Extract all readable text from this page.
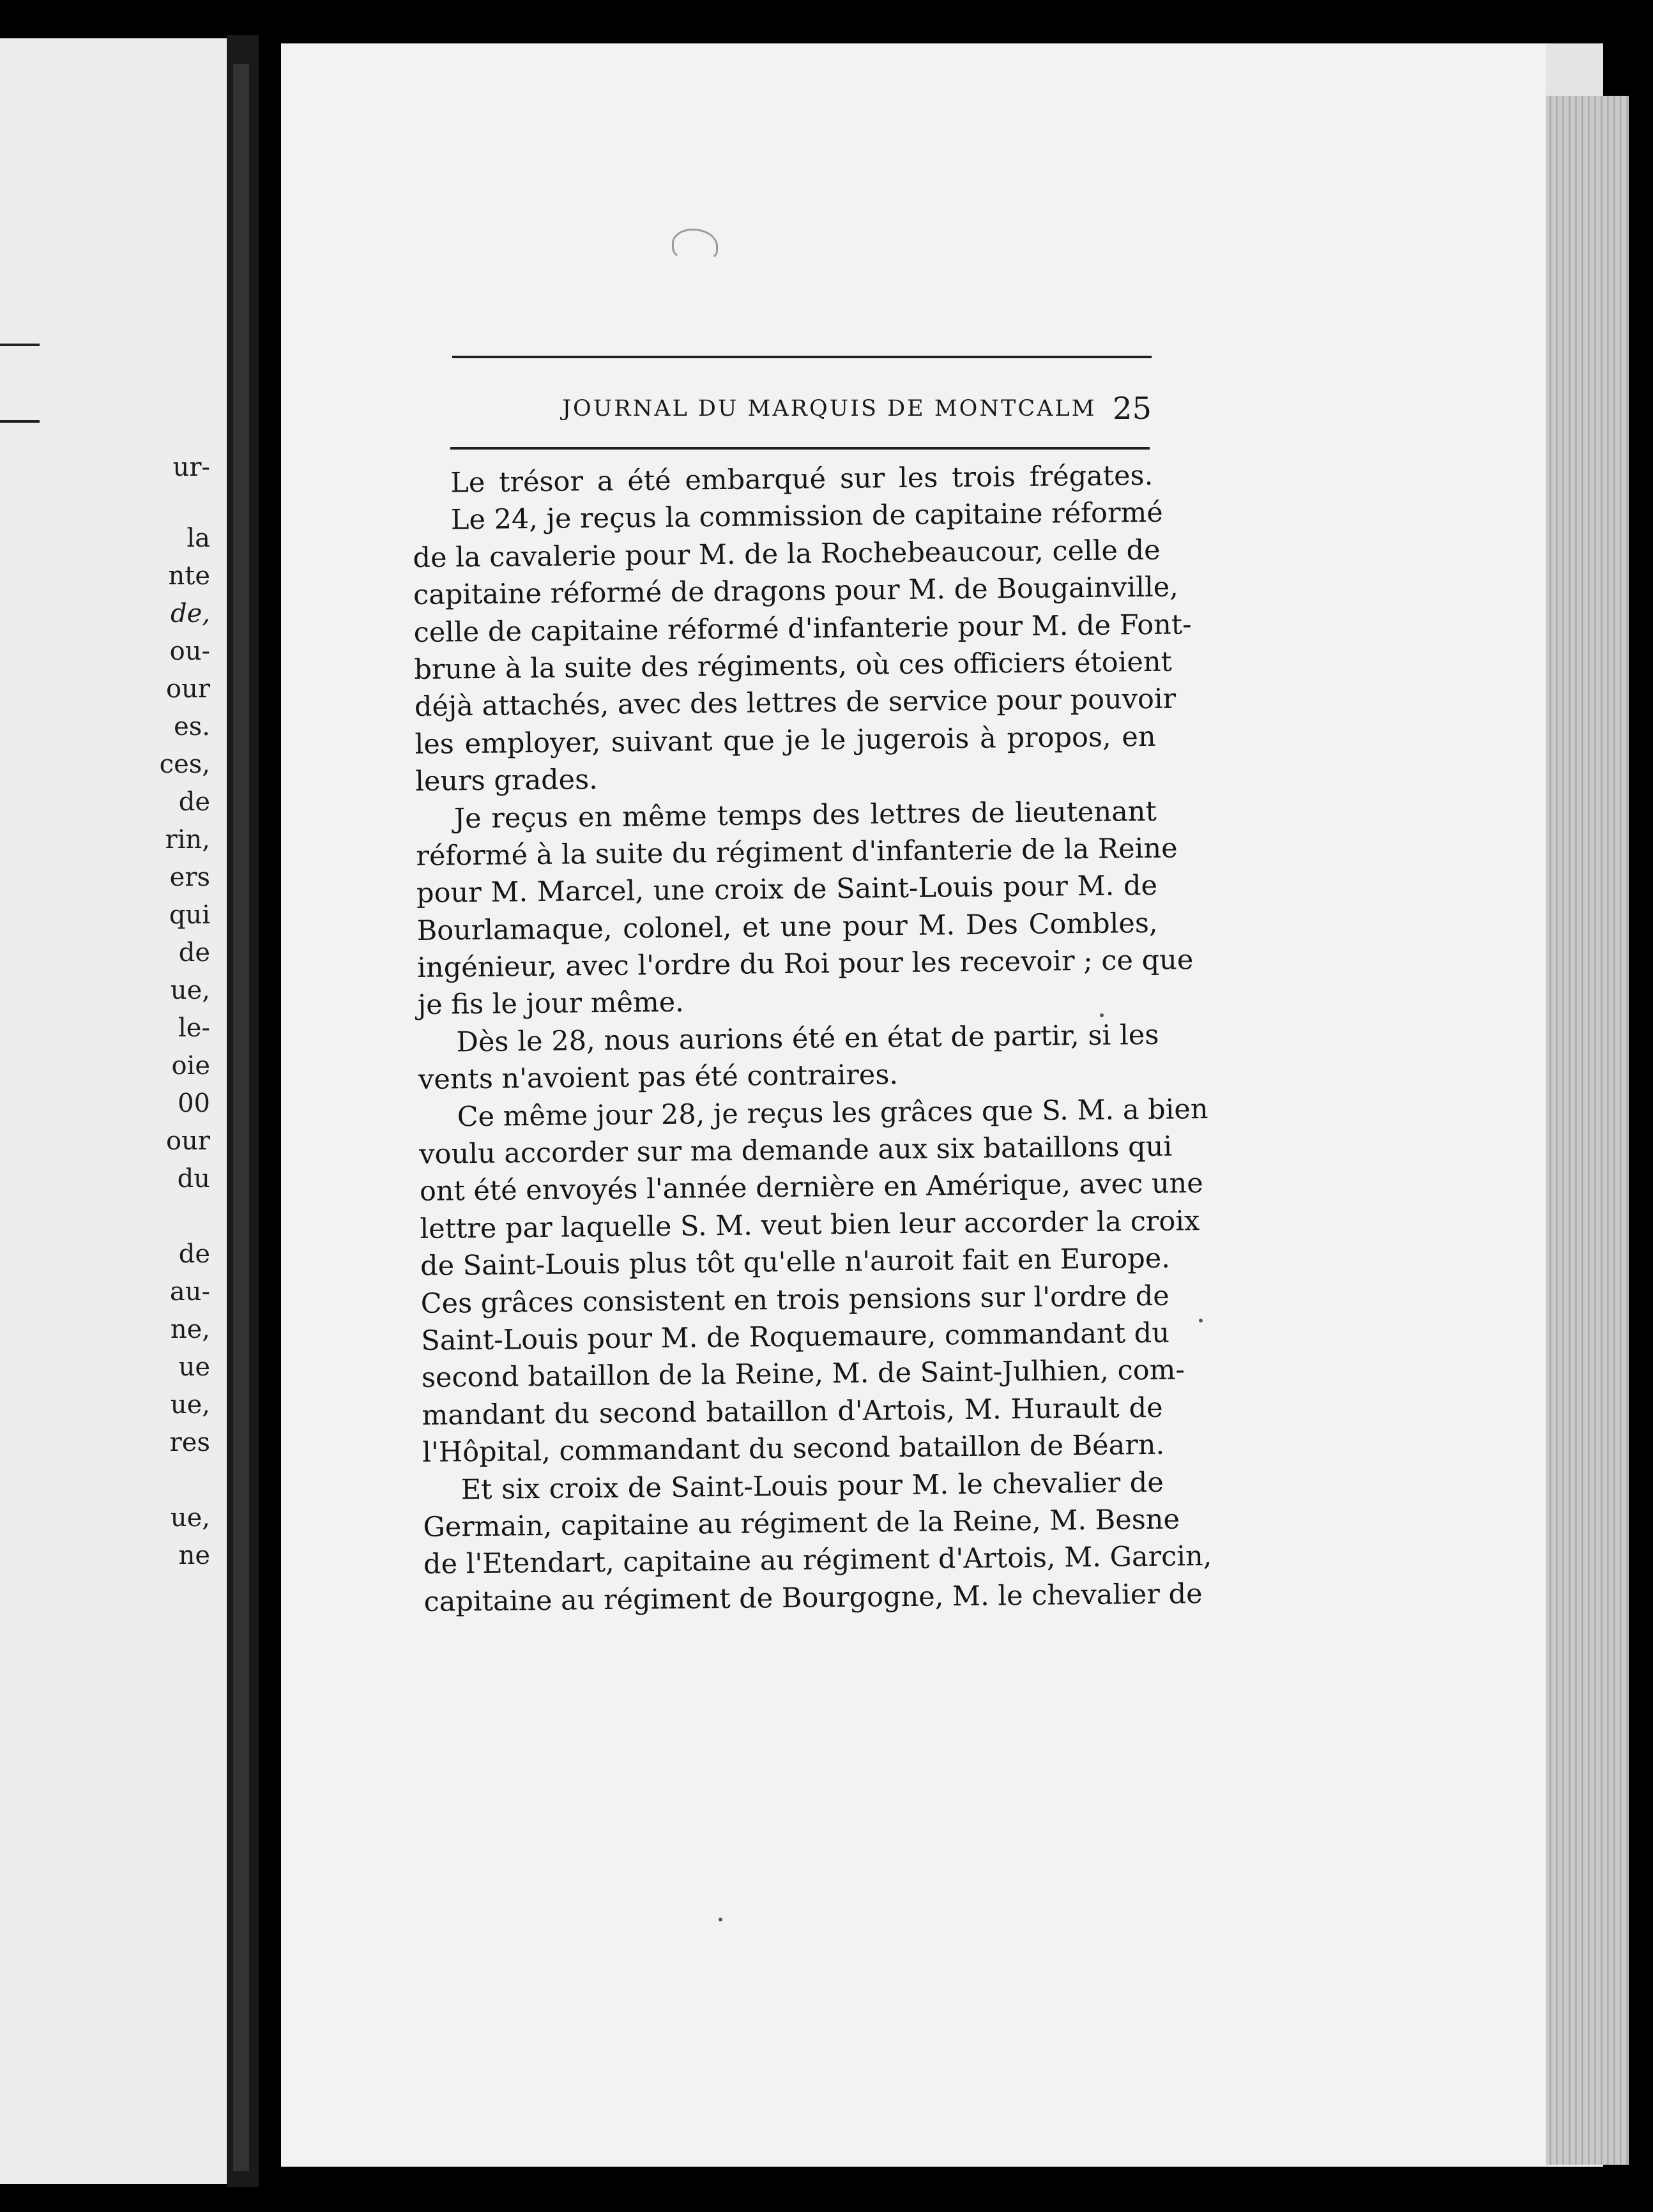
ur-
la
nte
de,
ou-
our
es.
ces,
de
rin,
ers
qui
de
ue,
le-
oie
00
our
du
de
au-
ne,
ue
ue,
res
ue,
ne
JOURNAL DU MARQUIS DE MONTCALM 25
Le trésor a été embarqué sur les trois frégates.
Le 24, je reçus la commission de capitaine réformé
de la cavalerie pour M. de la Rochebeaucour, celle de
capitaine réformé de dragons pour M. de Bougainville,
celle de capitaine réformé d'infanterie pour M. de Font-
brune à la suite des régiments, où ces officiers étoient
déjà attachés, avec des lettres de service pour pouvoir
les employer, suivant que je le jugerois à propos, en
leurs grades.
Je reçus en même temps des lettres de lieutenant
réformé à la suite du régiment d'infanterie de la Reine
pour M. Marcel, une croix de Saint-Louis pour M. de
Bourlamaque, colonel, et une pour M. Des Combles,
ingénieur, avec l'ordre du Roi pour les recevoir ; ce que
je fis le jour même.
Dès le 28, nous aurions été en état de partir, si les
vents n'avoient pas été contraires.
Ce même jour 28, je reçus les grâces que S. M. a bien
voulu accorder sur ma demande aux six bataillons qui
ont été envoyés l'année dernière en Amérique, avec une
lettre par laquelle S. M. veut bien leur accorder la croix
de Saint-Louis plus tôt qu'elle n'auroit fait en Europe.
Ces grâces consistent en trois pensions sur l'ordre de
Saint-Louis pour M. de Roquemaure, commandant du
second bataillon de la Reine, M. de Saint-Julhien, com-
mandant du second bataillon d'Artois, M. Hurault de
l'Hôpital, commandant du second bataillon de Béarn.
Et six croix de Saint-Louis pour M. le chevalier de
Germain, capitaine au régiment de la Reine, M. Besne
de l'Etendart, capitaine au régiment d'Artois, M. Garcin,
capitaine au régiment de Bourgogne, M. le chevalier de
